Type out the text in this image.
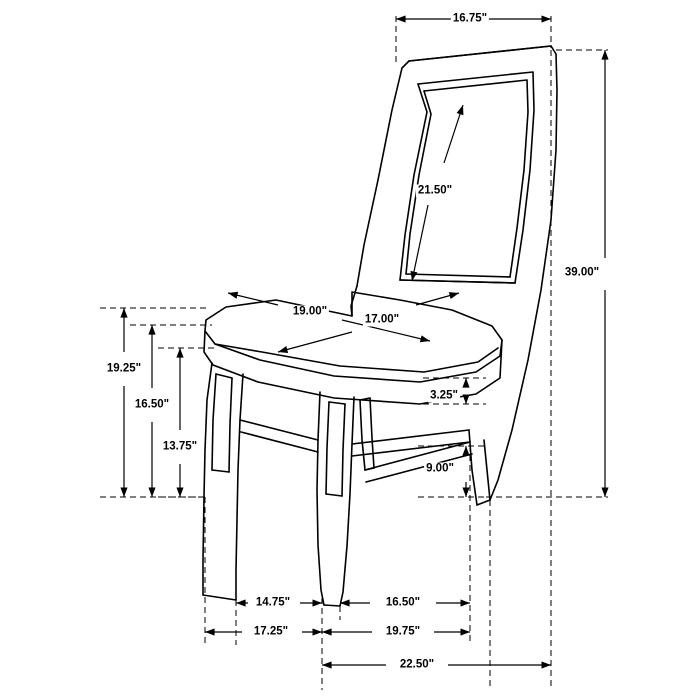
16.75"
39.00"
21.50"
19.00"
17.00"
19.25"
16.50"
13.75"
3.25"
9.00"
14.75"	16.50"
17.25"	19.75"
22.50"
